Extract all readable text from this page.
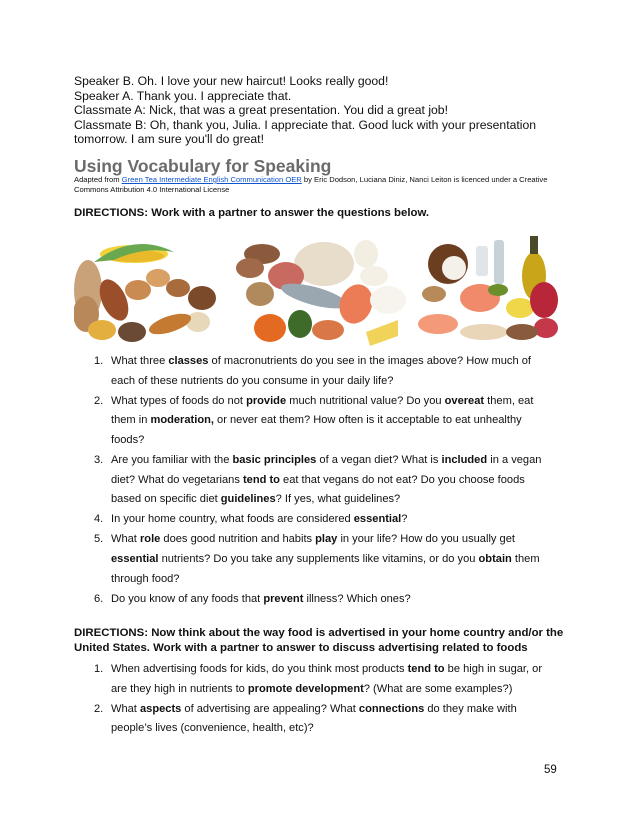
Speaker B. Oh. I love your new haircut! Looks really good!

Speaker A. Thank you. I appreciate that.

Classmate A: Nick, that was a great presentation. You did a great job!

Classmate B: Oh, thank you, Julia. I appreciate that. Good luck with your presentation tomorrow. I am sure you'll do great!

Using Vocabulary for Speaking
Adapted from Green Tea Intermediate English Communication OER by Eric Dodson, Luciana Diniz, Nanci Leiton is licenced under a Creative Commons Attribution 4.0 International License
DIRECTIONS: Work with a partner to answer the questions below.
1. What three classes of macronutrients do you see in the images above? How much of each of these nutrients do you consume in your daily life?
2. What types of foods do not provide much nutritional value? Do you overeat them, eat them in moderation, or never eat them? How often is it acceptable to eat unhealthy foods?
3. Are you familiar with the basic principles of a vegan diet? What is included in a vegan diet? What do vegetarians tend to eat that vegans do not eat? Do you choose foods based on specific diet guidelines? If yes, what guidelines?
4. In your home country, what foods are considered essential?
5. What role does good nutrition and habits play in your life? How do you usually get essential nutrients? Do you take any supplements like vitamins, or do you obtain them through food?
6. Do you know of any foods that prevent illness? Which ones?
DIRECTIONS: Now think about the way food is advertised in your home country and/or the United States. Work with a partner to answer to discuss advertising related to foods
1. When advertising foods for kids, do you think most products tend to be high in sugar, or are they high in nutrients to promote development? (What are some examples?)
2. What aspects of advertising are appealing? What connections do they make with people’s lives (convenience, health, etc)?
59
